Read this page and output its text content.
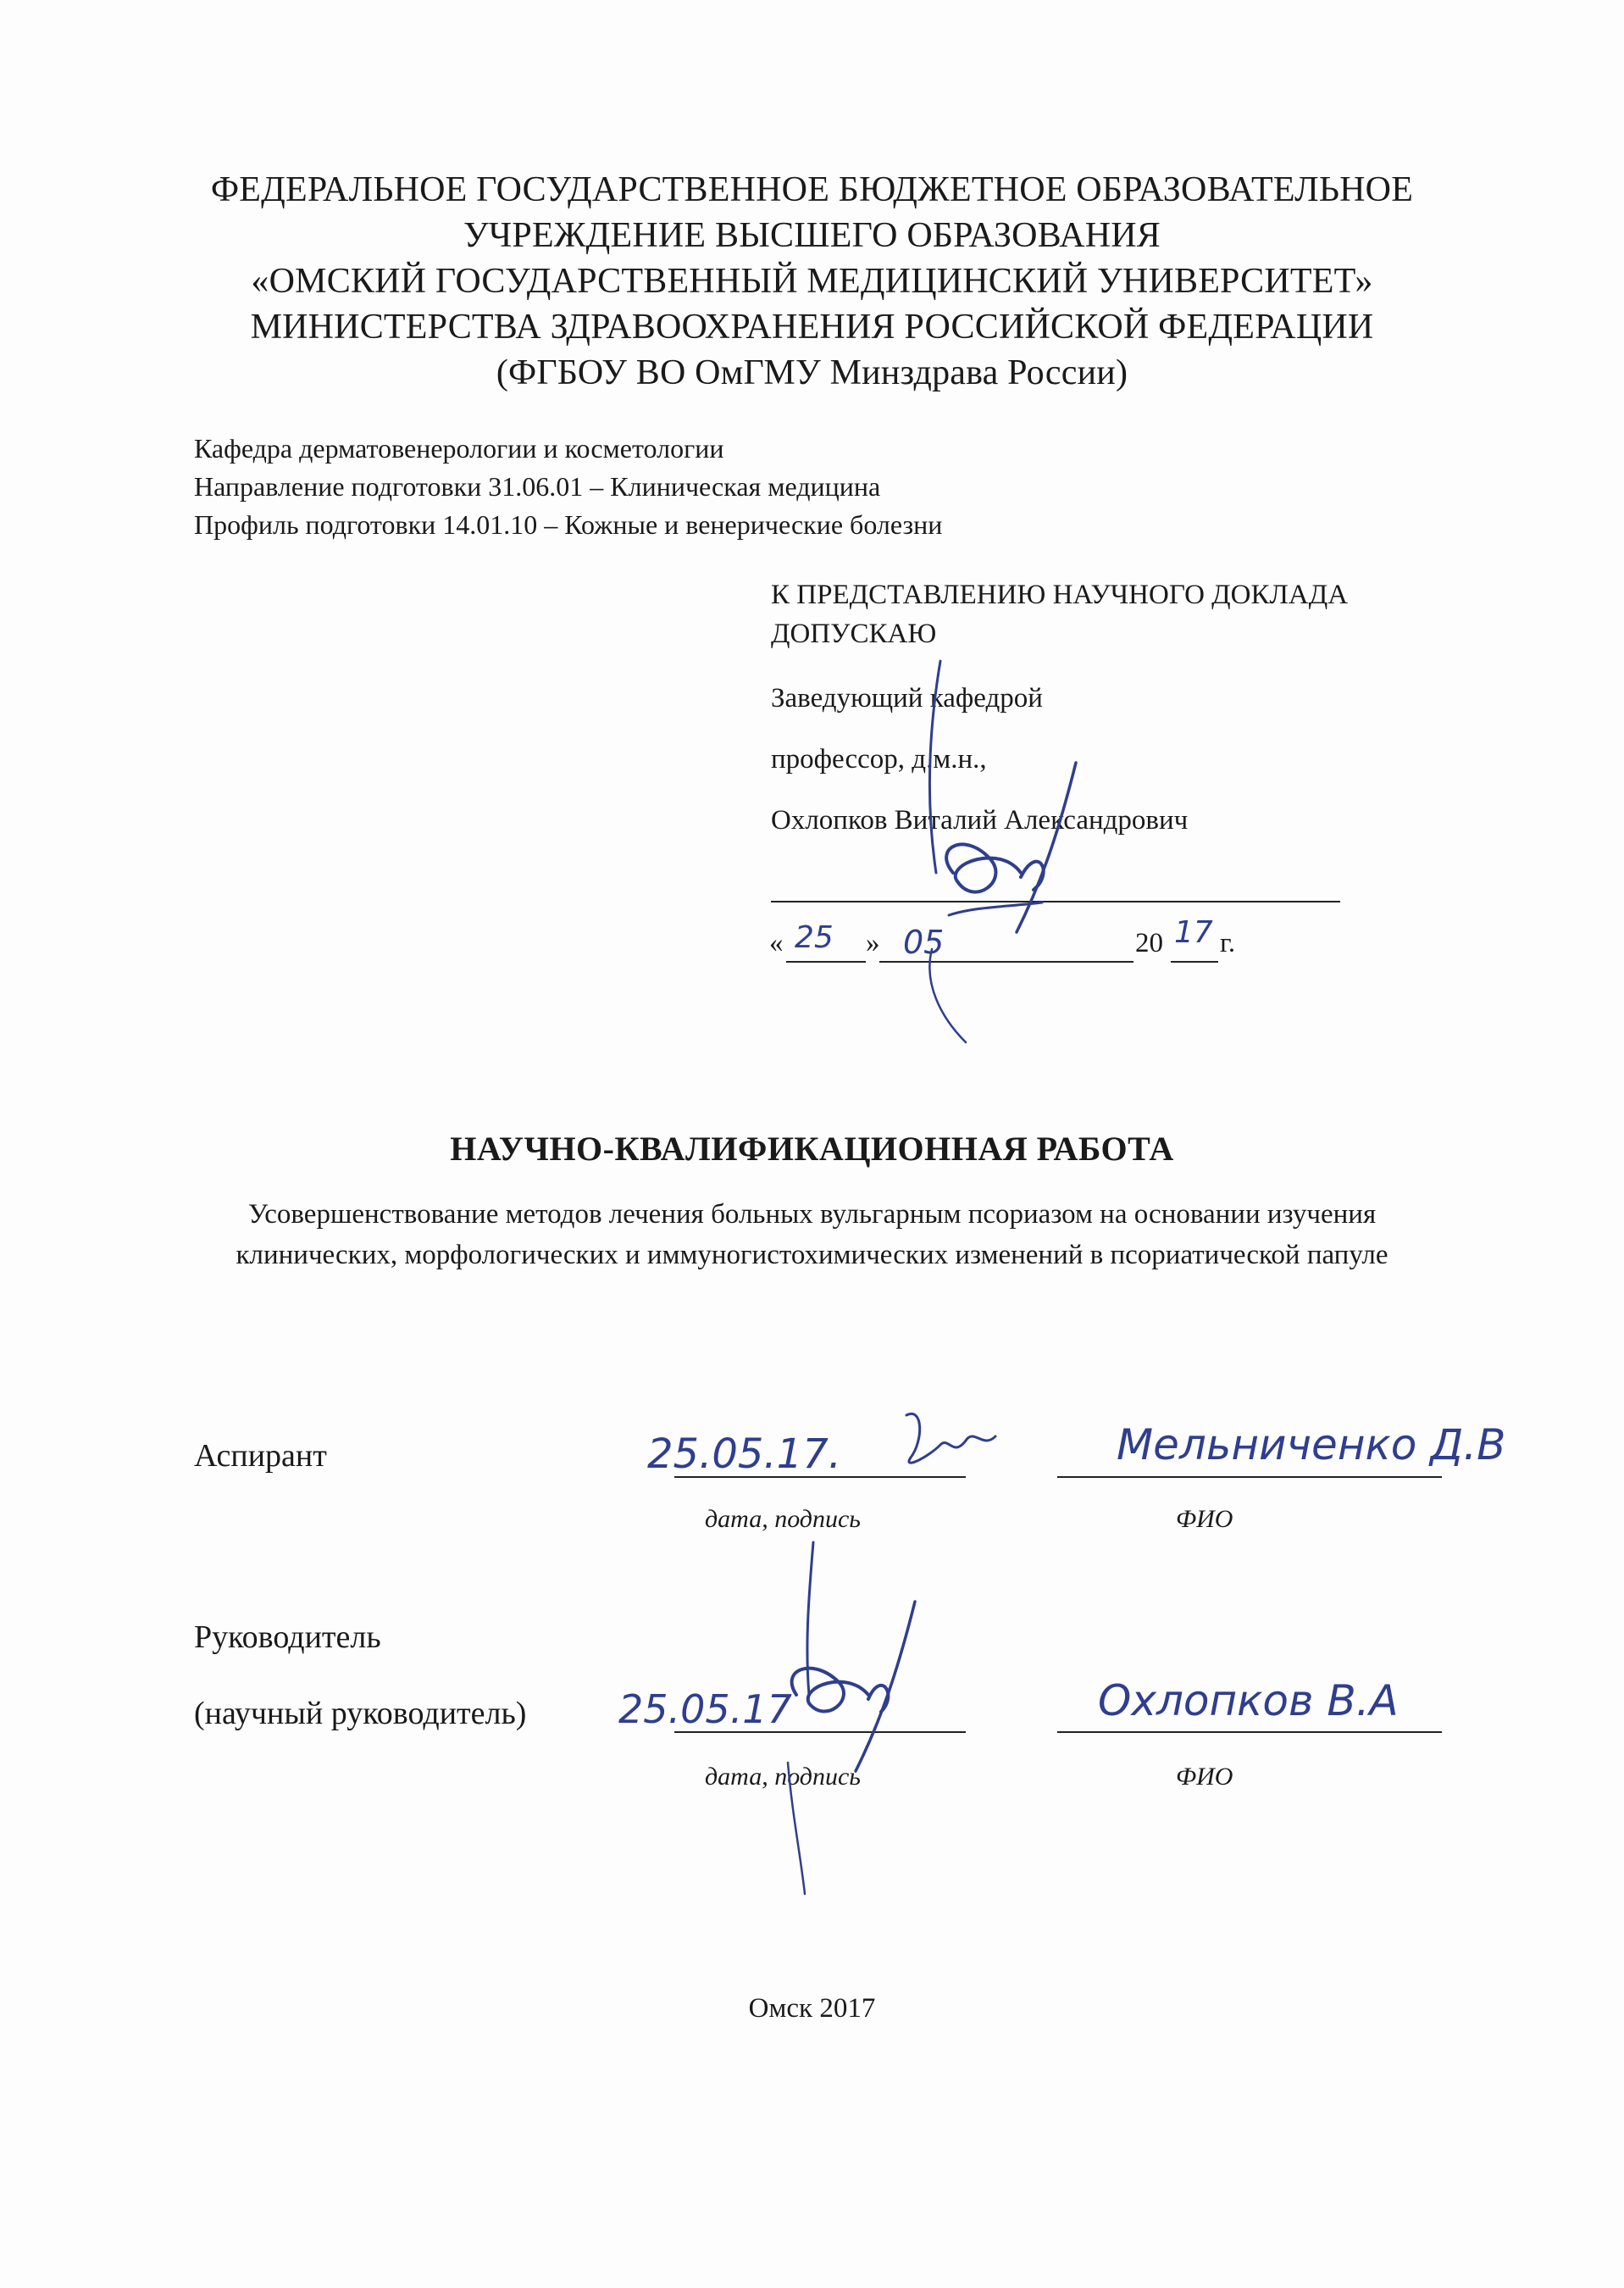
ФЕДЕРАЛЬНОЕ ГОСУДАРСТВЕННОЕ БЮДЖЕТНОЕ ОБРАЗОВАТЕЛЬНОЕ
УЧРЕЖДЕНИЕ ВЫСШЕГО ОБРАЗОВАНИЯ
«ОМСКИЙ ГОСУДАРСТВЕННЫЙ МЕДИЦИНСКИЙ УНИВЕРСИТЕТ»
МИНИСТЕРСТВА ЗДРАВООХРАНЕНИЯ РОССИЙСКОЙ ФЕДЕРАЦИИ
(ФГБОУ ВО ОмГМУ Минздрава России)
Кафедра дерматовенерологии и косметологии
Направление подготовки 31.06.01 – Клиническая медицина
Профиль подготовки 14.01.10 – Кожные и венерические болезни
К ПРЕДСТАВЛЕНИЮ НАУЧНОГО ДОКЛАДА
ДОПУСКАЮ
Заведующий кафедрой
профессор, д.м.н.,
Охлопков Виталий Александрович
«	»	20 г.
25 05	17
НАУЧНО-КВАЛИФИКАЦИОННАЯ РАБОТА
Усовершенствование методов лечения больных вульгарным псориазом на основании изучения
клинических, морфологических и иммуногистохимических изменений в псориатической папуле
Аспирант
дата, подпись	ФИО
25.05.17.	Мельниченко Д.В
Руководитель
(научный руководитель)
дата, подпись	ФИО
25.05.17	Охлопков В.А
Омск 2017
